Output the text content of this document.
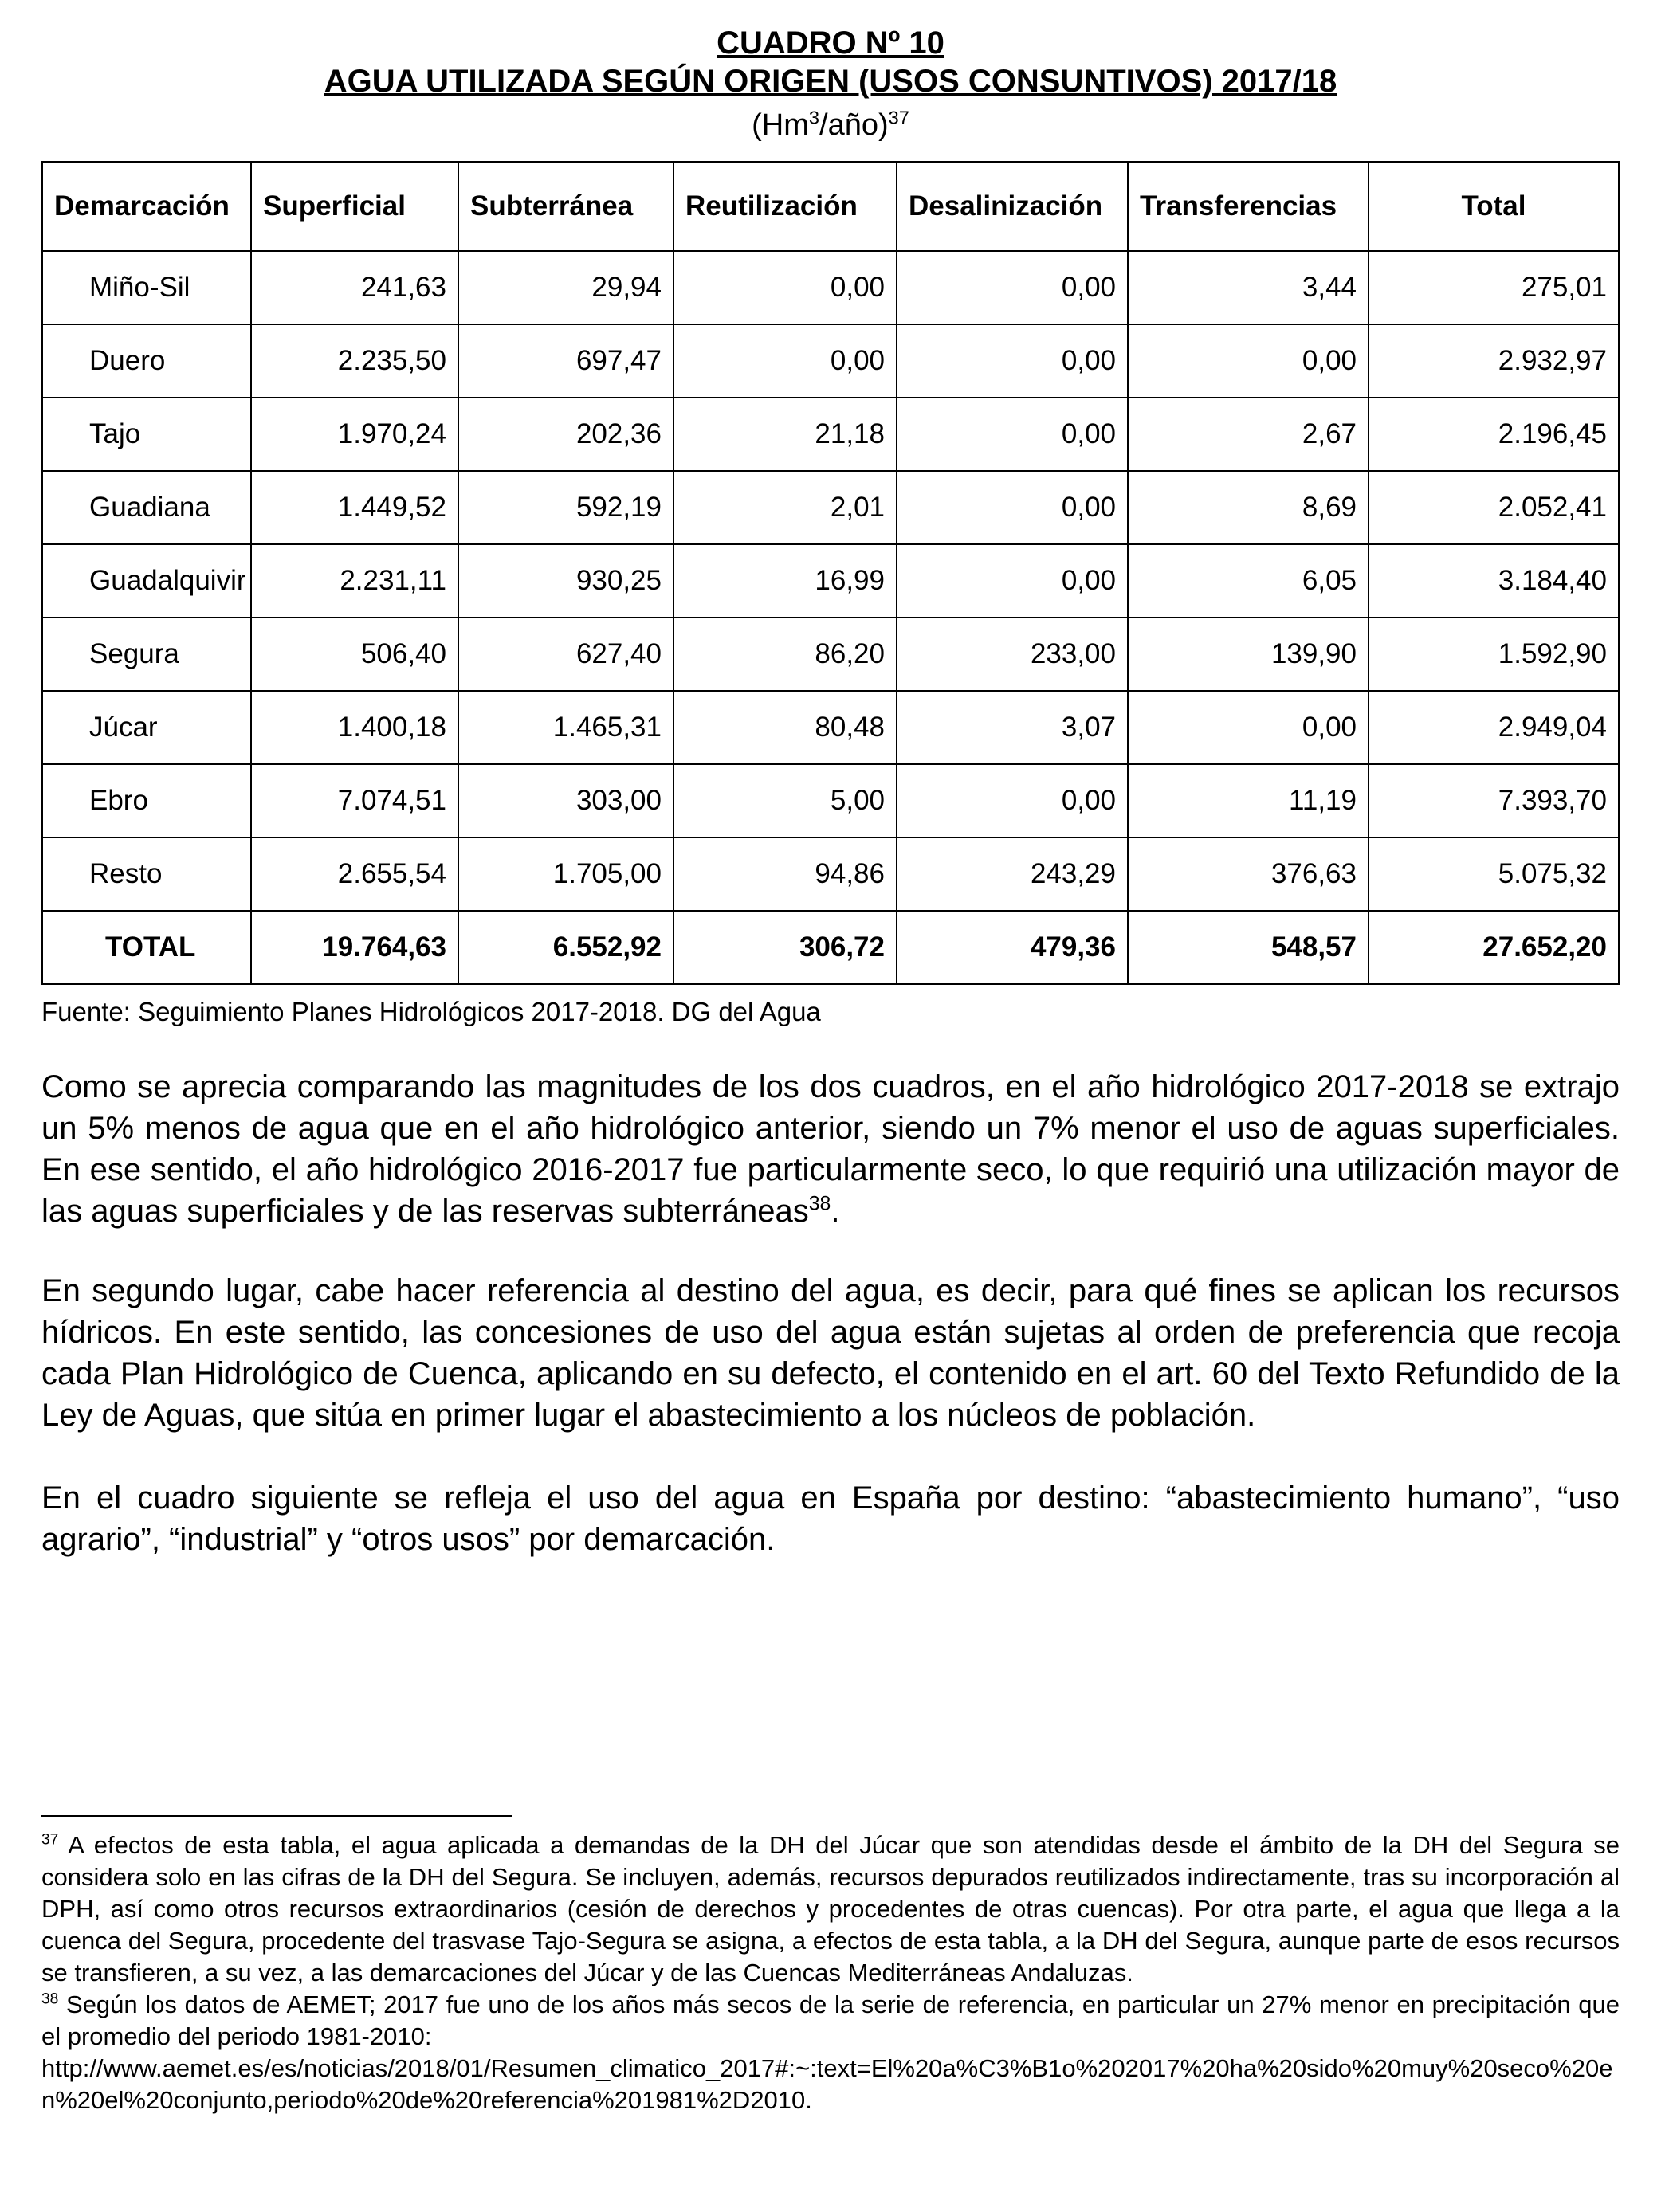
CUADRO Nº 10

AGUA UTILIZADA SEGÚN ORIGEN (USOS CONSUNTIVOS) 2017/18

(Hm$^3$/año)$^{37}$

Demarcación	Superficial	Subterránea	Reutilización	Desalinización	Transferencias	Total
Miño-Sil	241,63	29,94	0,00	0,00	3,44	275,01
Duero	2.235,50	697,47	0,00	0,00	0,00	2.932,97
Tajo	1.970,24	202,36	21,18	0,00	2,67	2.196,45
Guadiana	1.449,52	592,19	2,01	0,00	8,69	2.052,41
Guadalquivir	2.231,11	930,25	16,99	0,00	6,05	3.184,40
Segura	506,40	627,40	86,20	233,00	139,90	1.592,90
Júcar	1.400,18	1.465,31	80,48	3,07	0,00	2.949,04
Ebro	7.074,51	303,00	5,00	0,00	11,19	7.393,70
Resto	2.655,54	1.705,00	94,86	243,29	376,63	5.075,32
TOTAL	19.764,63	6.552,92	306,72	479,36	548,57	27.652,20
Fuente: Seguimiento Planes Hidrológicos 2017-2018. DG del Agua

Como se aprecia comparando las magnitudes de los dos cuadros, en el año hidrológico 2017-2018 se extrajo un 5% menos de agua que en el año hidrológico anterior, siendo un 7% menor el uso de aguas superficiales. En ese sentido, el año hidrológico 2016-2017 fue particularmente seco, lo que requirió una utilización mayor de las aguas superficiales y de las reservas subterráneas$^{38}$.

En segundo lugar, cabe hacer referencia al destino del agua, es decir, para qué fines se aplican los recursos hídricos. En este sentido, las concesiones de uso del agua están sujetas al orden de preferencia que recoja cada Plan Hidrológico de Cuenca, aplicando en su defecto, el contenido en el art. 60 del Texto Refundido de la Ley de Aguas, que sitúa en primer lugar el abastecimiento a los núcleos de población.

En el cuadro siguiente se refleja el uso del agua en España por destino: “abastecimiento humano”, “uso agrario”, “industrial” y “otros usos” por demarcación.

$^{37}$ A efectos de esta tabla, el agua aplicada a demandas de la DH del Júcar que son atendidas desde el ámbito de la DH del Segura se considera solo en las cifras de la DH del Segura. Se incluyen, además, recursos depurados reutilizados indirectamente, tras su incorporación al DPH, así como otros recursos extraordinarios (cesión de derechos y procedentes de otras cuencas). Por otra parte, el agua que llega a la cuenca del Segura, procedente del trasvase Tajo-Segura se asigna, a efectos de esta tabla, a la DH del Segura, aunque parte de esos recursos se transfieren, a su vez, a las demarcaciones del Júcar y de las Cuencas Mediterráneas Andaluzas.

$^{38}$ Según los datos de AEMET; 2017 fue uno de los años más secos de la serie de referencia, en particular un 27% menor en precipitación que el promedio del periodo 1981-2010:

http://www.aemet.es/es/noticias/2018/01/Resumen_climatico_2017#:~:text=El%20a%C3%B1o%202017%20ha%20sido%20muy%20seco%20en%20el%20conjunto,periodo%20de%20referencia%201981%2D2010.
